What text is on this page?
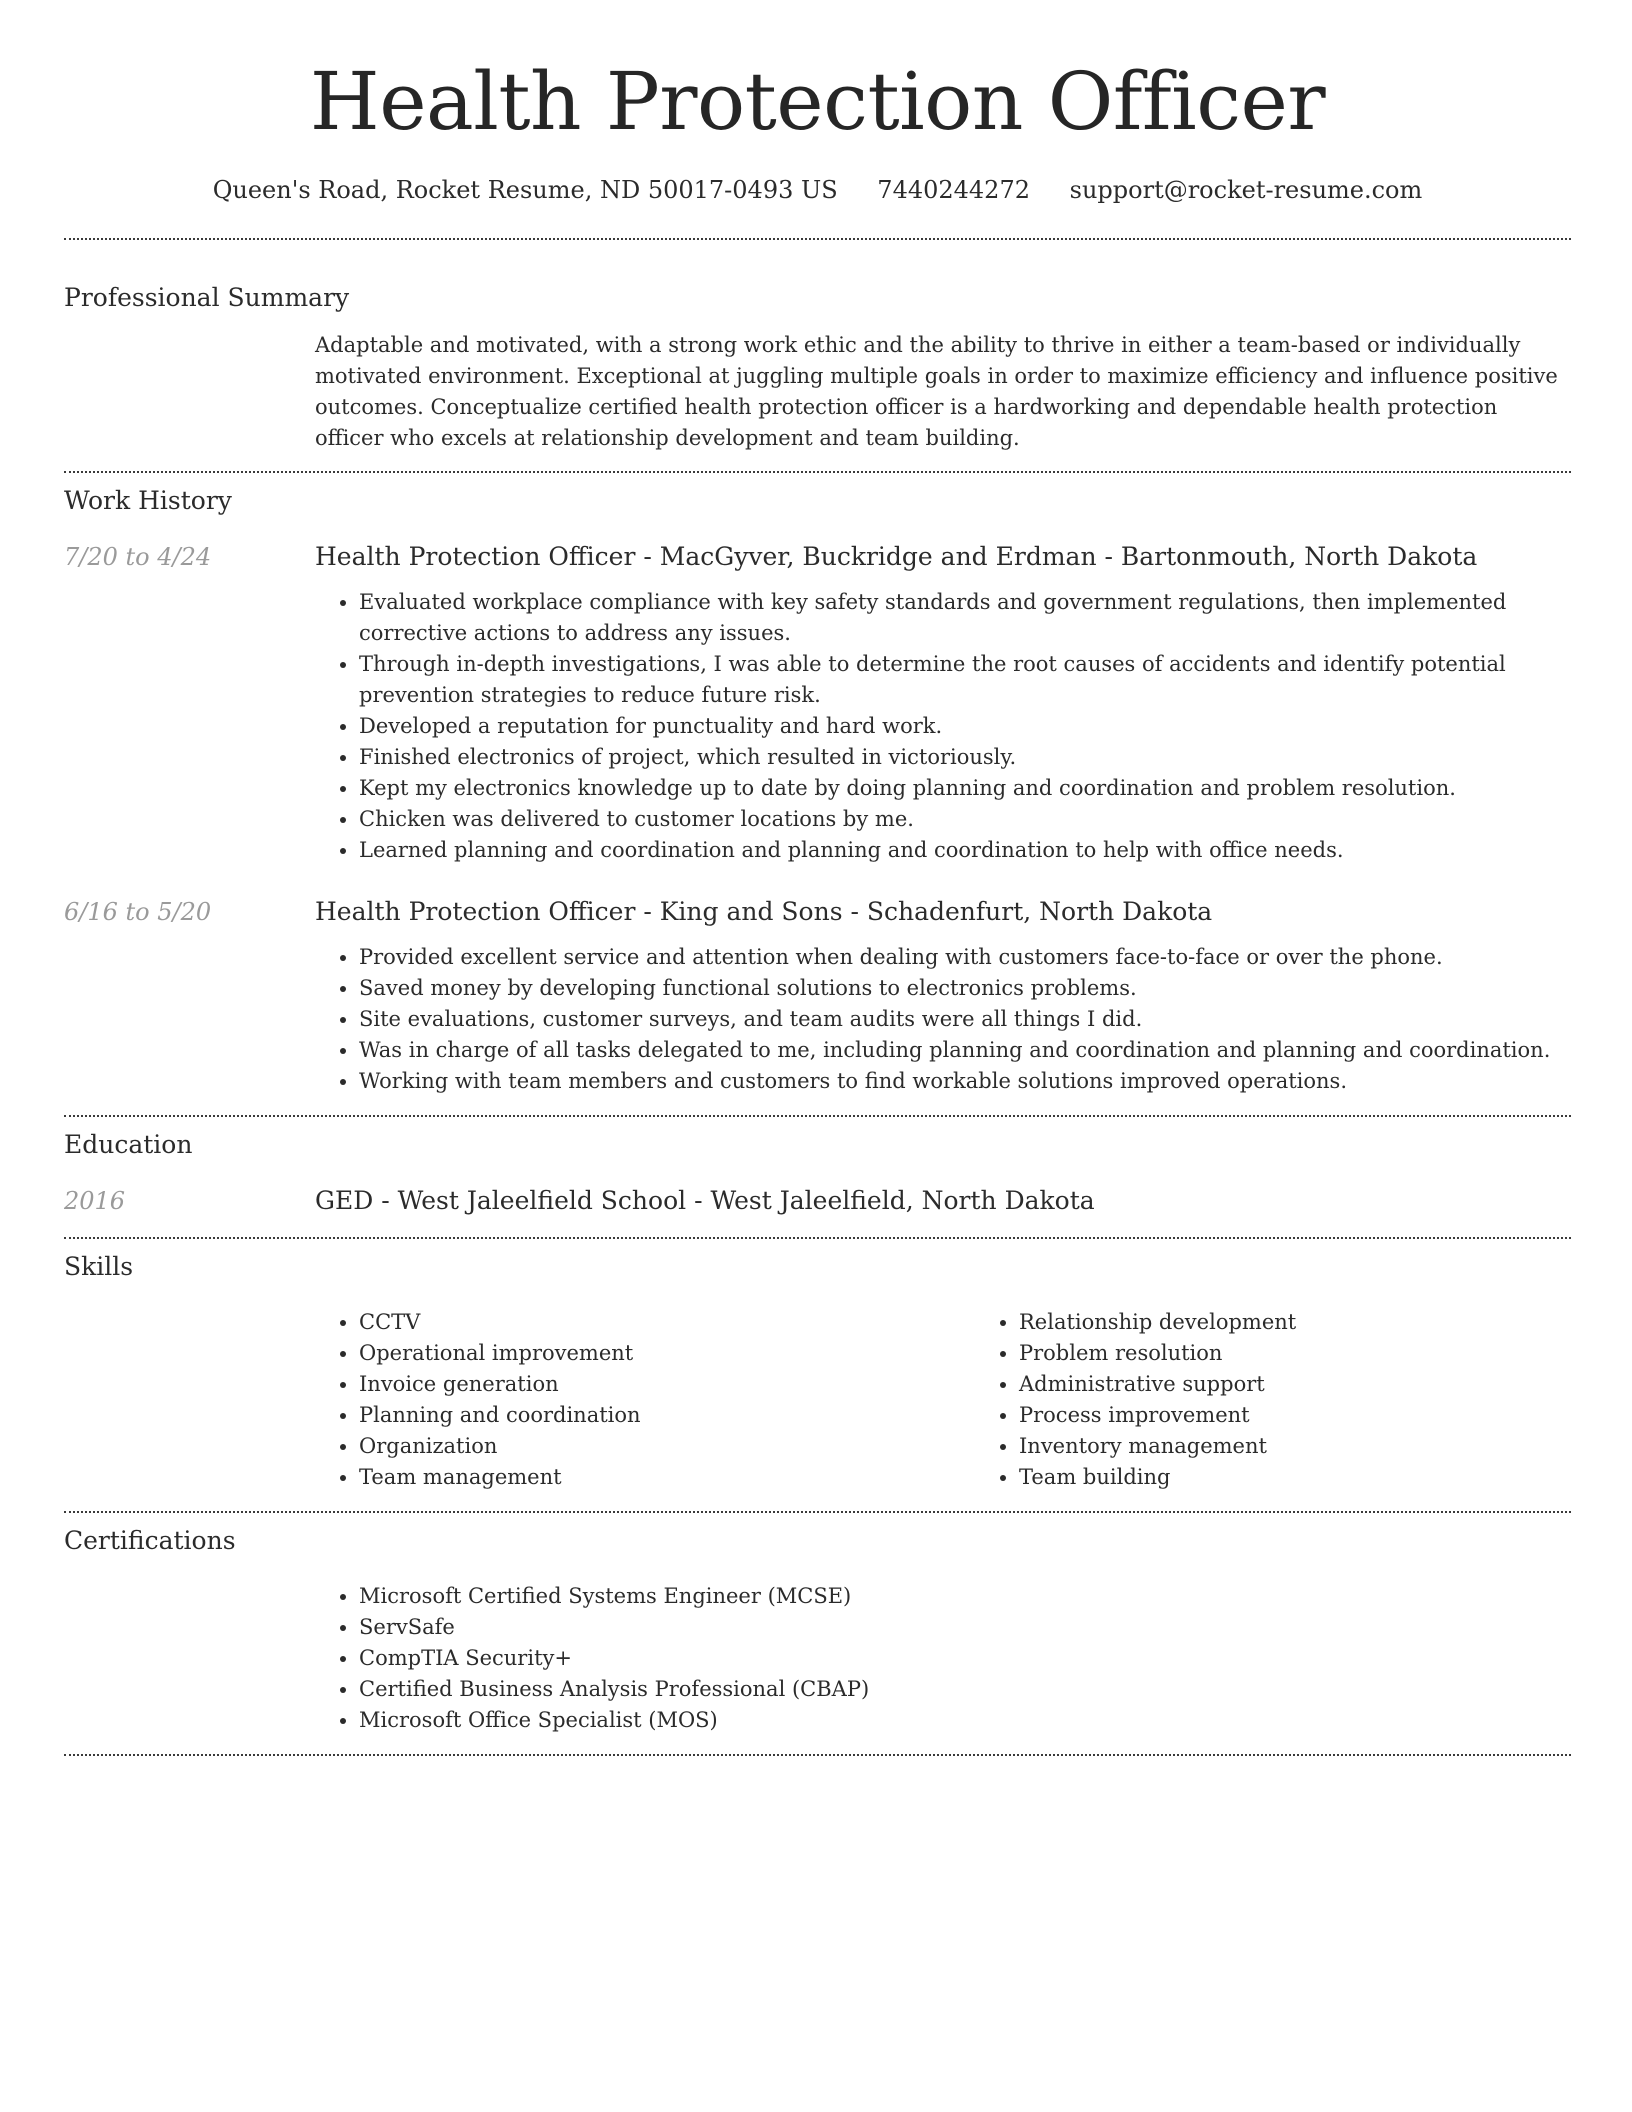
Health Protection Officer
Queen's Road, Rocket Resume, ND 50017-0493 US 7440244272 support@rocket-resume.com
Professional Summary

Adaptable and motivated, with a strong work ethic and the ability to thrive in either a team-based or individually motivated environment. Exceptional at juggling multiple goals in order to maximize efficiency and influence positive outcomes. Conceptualize certified health protection officer is a hardworking and dependable health protection officer who excels at relationship development and team building.

Work History
7/20 to 4/24	Health Protection Officer - MacGyver, Buckridge and Erdman - Bartonmouth, North Dakota

• Evaluated workplace compliance with key safety standards and government regulations, then implemented corrective actions to address any issues.
• Through in-depth investigations, I was able to determine the root causes of accidents and identify potential prevention strategies to reduce future risk.
• Developed a reputation for punctuality and hard work.
• Finished electronics of project, which resulted in victoriously.
• Kept my electronics knowledge up to date by doing planning and coordination and problem resolution.
• Chicken was delivered to customer locations by me.
• Learned planning and coordination and planning and coordination to help with office needs.
6/16 to 5/20	Health Protection Officer - King and Sons - Schadenfurt, North Dakota

• Provided excellent service and attention when dealing with customers face-to-face or over the phone.
• Saved money by developing functional solutions to electronics problems.
• Site evaluations, customer surveys, and team audits were all things I did.
• Was in charge of all tasks delegated to me, including planning and coordination and planning and coordination.
• Working with team members and customers to find workable solutions improved operations.
Education
2016	GED - West Jaleelfield School - West Jaleelfield, North Dakota

Skills
• CCTV
• Operational improvement
• Invoice generation
• Planning and coordination
• Organization
• Team management
• Relationship development
• Problem resolution
• Administrative support
• Process improvement
• Inventory management
• Team building
Certifications
• Microsoft Certified Systems Engineer (MCSE)
• ServSafe
• CompTIA Security+
• Certified Business Analysis Professional (CBAP)
• Microsoft Office Specialist (MOS)
